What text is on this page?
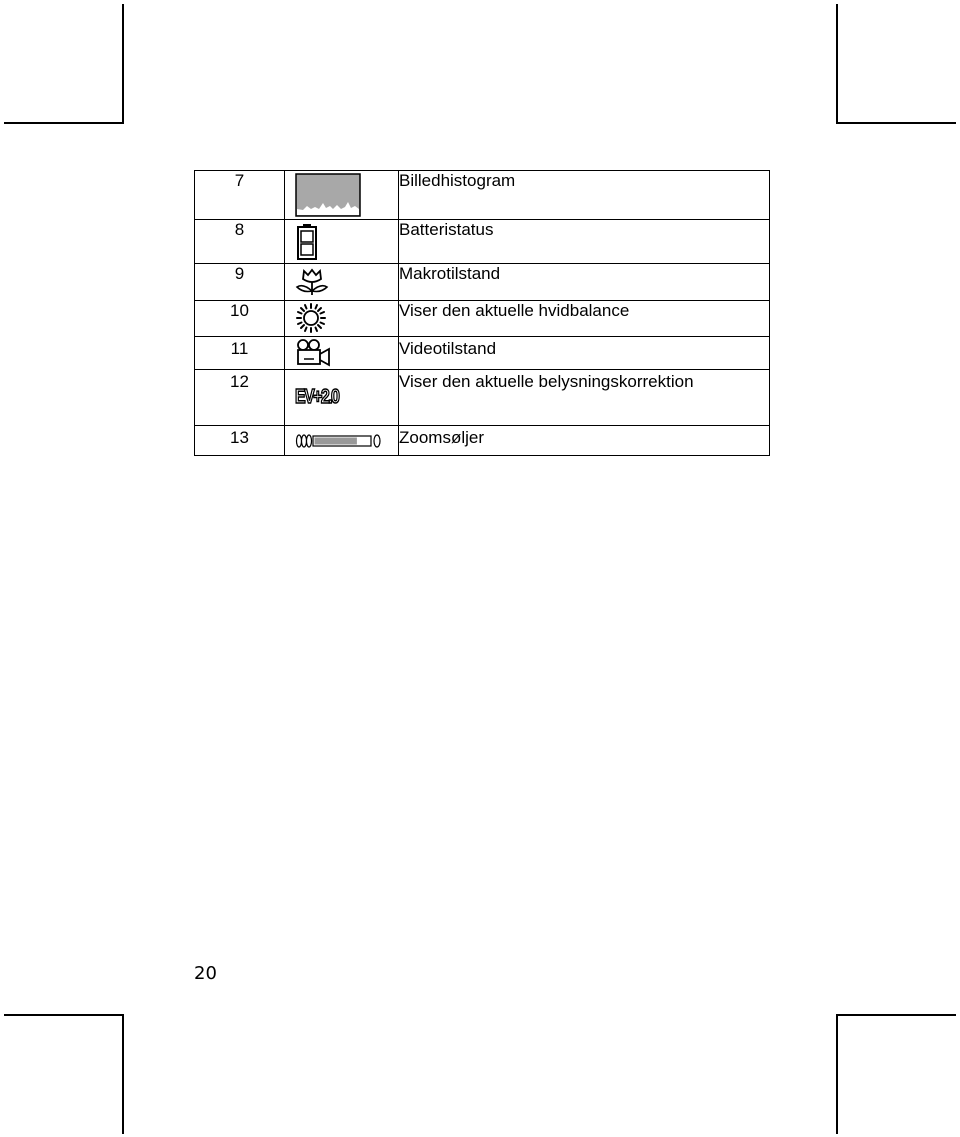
7		Billedhistogram
8		Batteristatus
9		Makrotilstand
10		Viser den aktuelle hvidbalance
11		Videotilstand
12	EV+2.0	Viser den aktuelle belysningskorrektion
13		Zoomsøljer
20
